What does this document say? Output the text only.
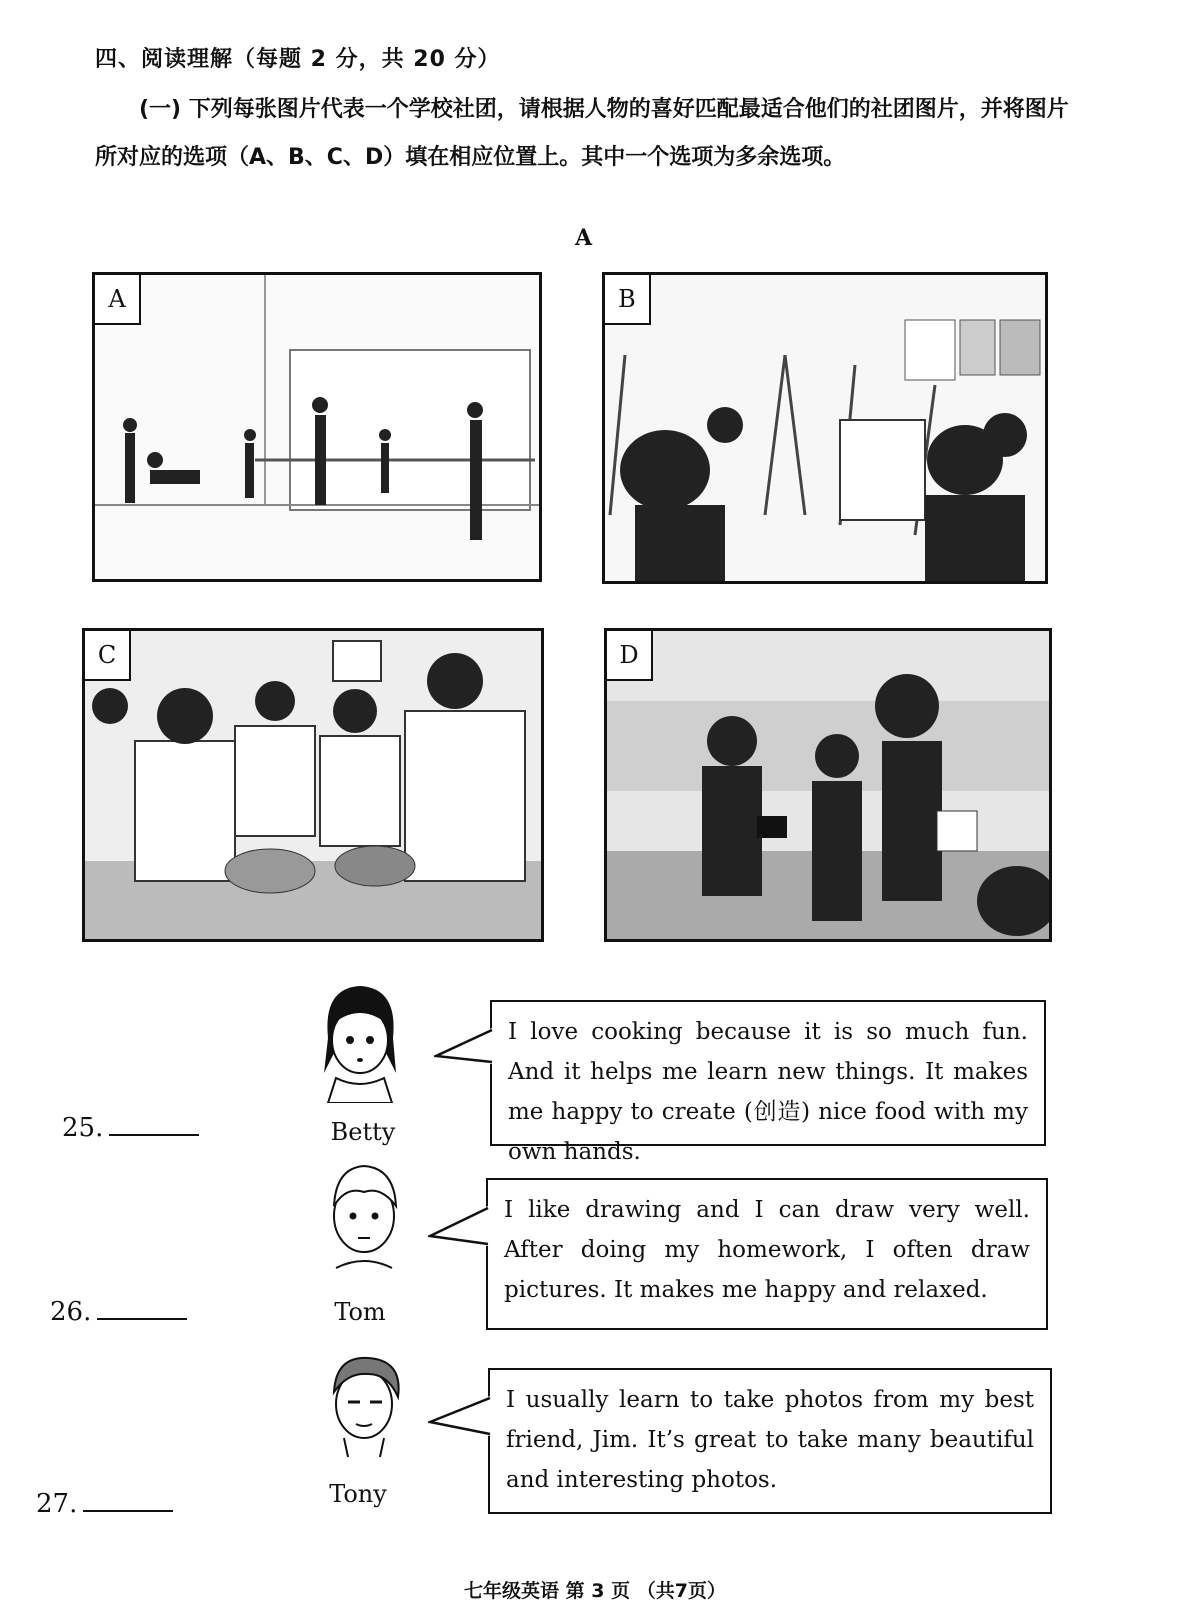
四、阅读理解（每题 2 分，共 20 分）
(一) 下列每张图片代表一个学校社团，请根据人物的喜好匹配最适合他们的社团图片，并将图片所对应的选项（A、B、C、D）填在相应位置上。其中一个选项为多余选项。
A
A	B
C	D
25.	Betty
I love cooking because it is so much fun. And it helps me learn new things. It makes me happy to create (创造) nice food with my own hands.
26.	Tom
I like drawing and I can draw very well. After doing my homework, I often draw pictures. It makes me happy and relaxed.
27.	Tony
I usually learn to take photos from my best friend, Jim. It’s great to take many beautiful and interesting photos.
七年级英语 第 3 页 （共7页）
